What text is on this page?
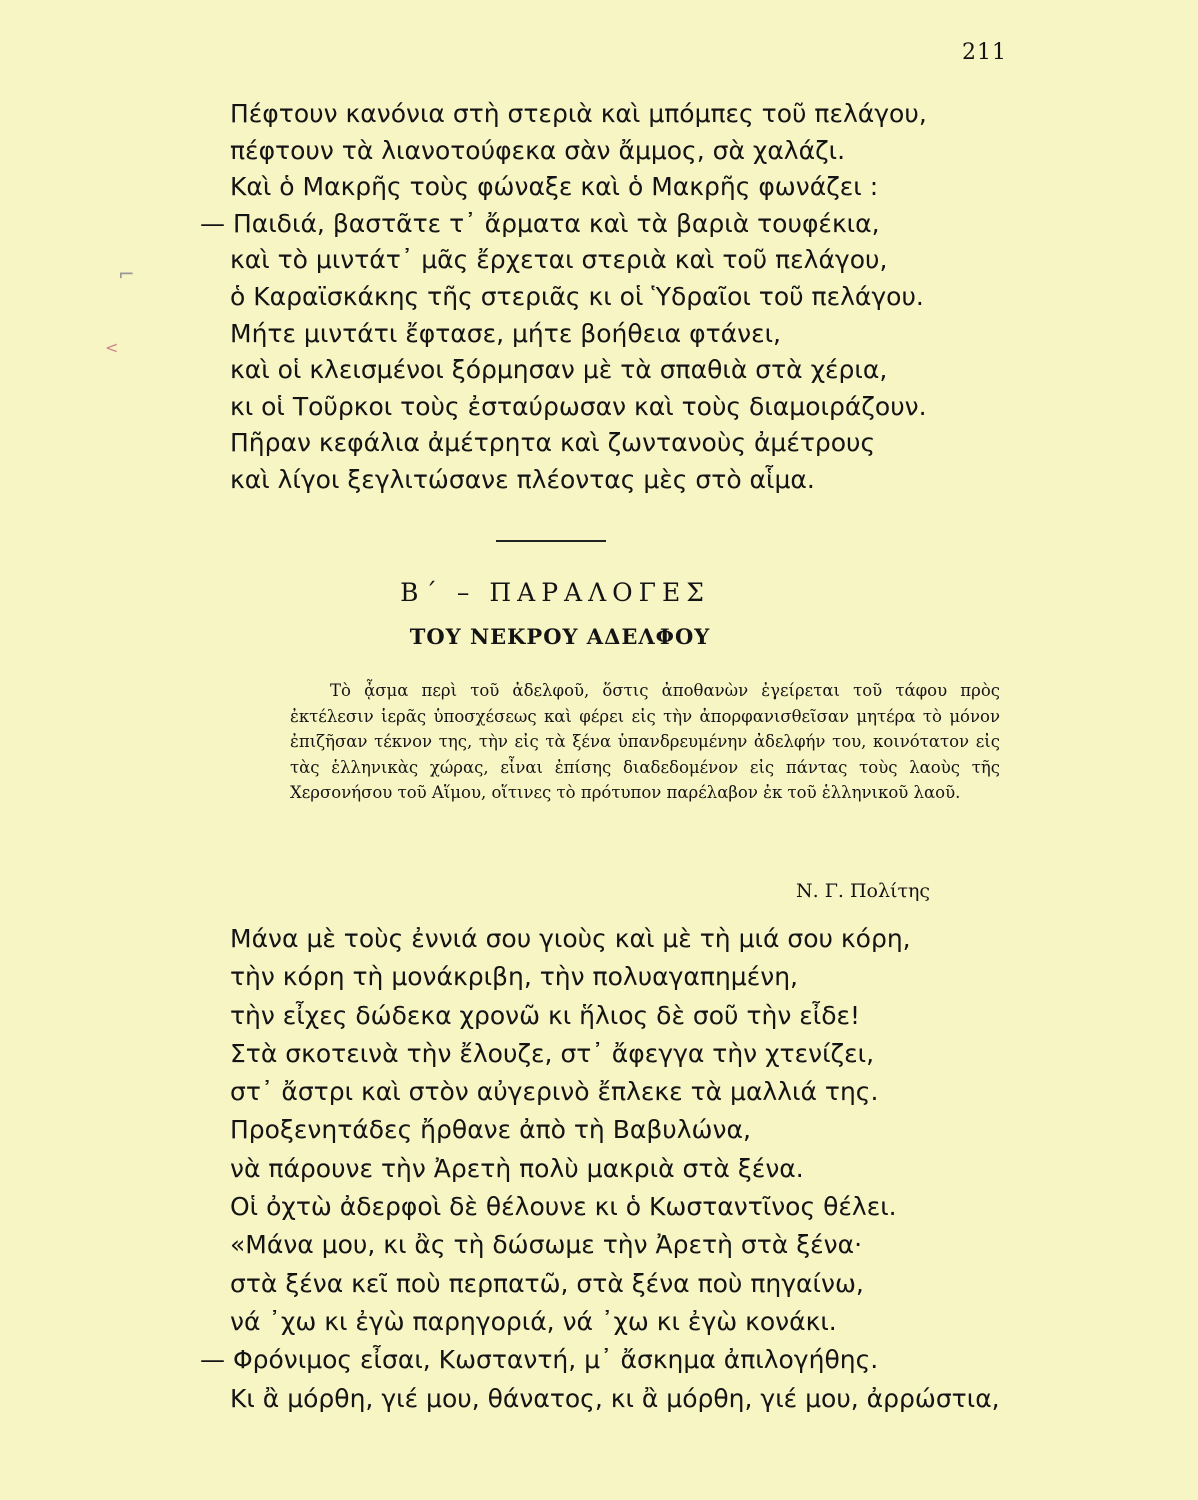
211
Πέφτουν κανόνια στὴ στεριὰ καὶ μπόμπες τοῦ πελάγου,
πέφτουν τὰ λιανοτούφεκα σὰν ἄμμος, σὰ χαλάζι.
Καὶ ὁ Μακρῆς τοὺς φώναξε καὶ ὁ Μακρῆς φωνάζει :
— Παιδιά, βαστᾶτε τ᾽ ἄρματα καὶ τὰ βαριὰ τουφέκια,
καὶ τὸ μιντάτ᾽ μᾶς ἔρχεται στεριὰ καὶ τοῦ πελάγου,
ὁ Καραϊσκάκης τῆς στεριᾶς κι οἱ Ὑδραῖοι τοῦ πελάγου.
Μήτε μιντάτι ἔφτασε, μήτε βοήθεια φτάνει,
καὶ οἱ κλεισμένοι ξόρμησαν μὲ τὰ σπαθιὰ στὰ χέρια,
κι οἱ Τοῦρκοι τοὺς ἐσταύρωσαν καὶ τοὺς διαμοιράζουν.
Πῆραν κεφάλια ἀμέτρητα καὶ ζωντανοὺς ἀμέτρους
καὶ λίγοι ξεγλιτώσανε πλέοντας μὲς στὸ αἷμα.
Β΄ – ΠΑΡΑΛΟΓΕΣ
ΤΟΥ ΝΕΚΡΟΥ ΑΔΕΛΦΟΥ
Τὸ ᾆσμα περὶ τοῦ ἀδελφοῦ, ὅστις ἀποθανὼν ἐγείρεται τοῦ τάφου πρὸς ἐκτέλεσιν ἱερᾶς ὑποσχέσεως καὶ φέρει εἰς τὴν ἀπορφανισθεῖσαν μητέρα τὸ μόνον ἐπιζῆσαν τέκνον της, τὴν εἰς τὰ ξένα ὑπανδρευμένην ἀδελφήν του, κοινότατον εἰς τὰς ἑλληνικὰς χώρας, εἶναι ἐπίσης διαδεδομένον εἰς πάντας τοὺς λαοὺς τῆς Χερσονήσου τοῦ Αἵμου, οἵτινες τὸ πρότυπον παρέλαβον ἐκ τοῦ ἑλληνικοῦ λαοῦ.
Ν. Γ. Πολίτης
Μάνα μὲ τοὺς ἐννιά σου γιοὺς καὶ μὲ τὴ μιά σου κόρη,
τὴν κόρη τὴ μονάκριβη, τὴν πολυαγαπημένη,
τὴν εἶχες δώδεκα χρονῶ κι ἥλιος δὲ σοῦ τὴν εἶδε!
Στὰ σκοτεινὰ τὴν ἔλουζε, στ᾽ ἄφεγγα τὴν χτενίζει,
στ᾽ ἄστρι καὶ στὸν αὐγερινὸ ἔπλεκε τὰ μαλλιά της.
Προξενητάδες ἤρθανε ἀπὸ τὴ Βαβυλώνα,
νὰ πάρουνε τὴν Ἀρετὴ πολὺ μακριὰ στὰ ξένα.
Οἱ ὀχτὼ ἀδερφοὶ δὲ θέλουνε κι ὁ Κωσταντῖνος θέλει.
«Μάνα μου, κι ἂς τὴ δώσωμε τὴν Ἀρετὴ στὰ ξένα·
στὰ ξένα κεῖ ποὺ περπατῶ, στὰ ξένα ποὺ πηγαίνω,
νά ᾽χω κι ἐγὼ παρηγοριά, νά ᾽χω κι ἐγὼ κονάκι.
— Φρόνιμος εἶσαι, Κωσταντή, μ᾽ ἄσκημα ἀπιλογήθης.
Κι ἂ μόρθη, γιέ μου, θάνατος, κι ἂ μόρθη, γιέ μου, ἀρρώστια,
⌐
<
